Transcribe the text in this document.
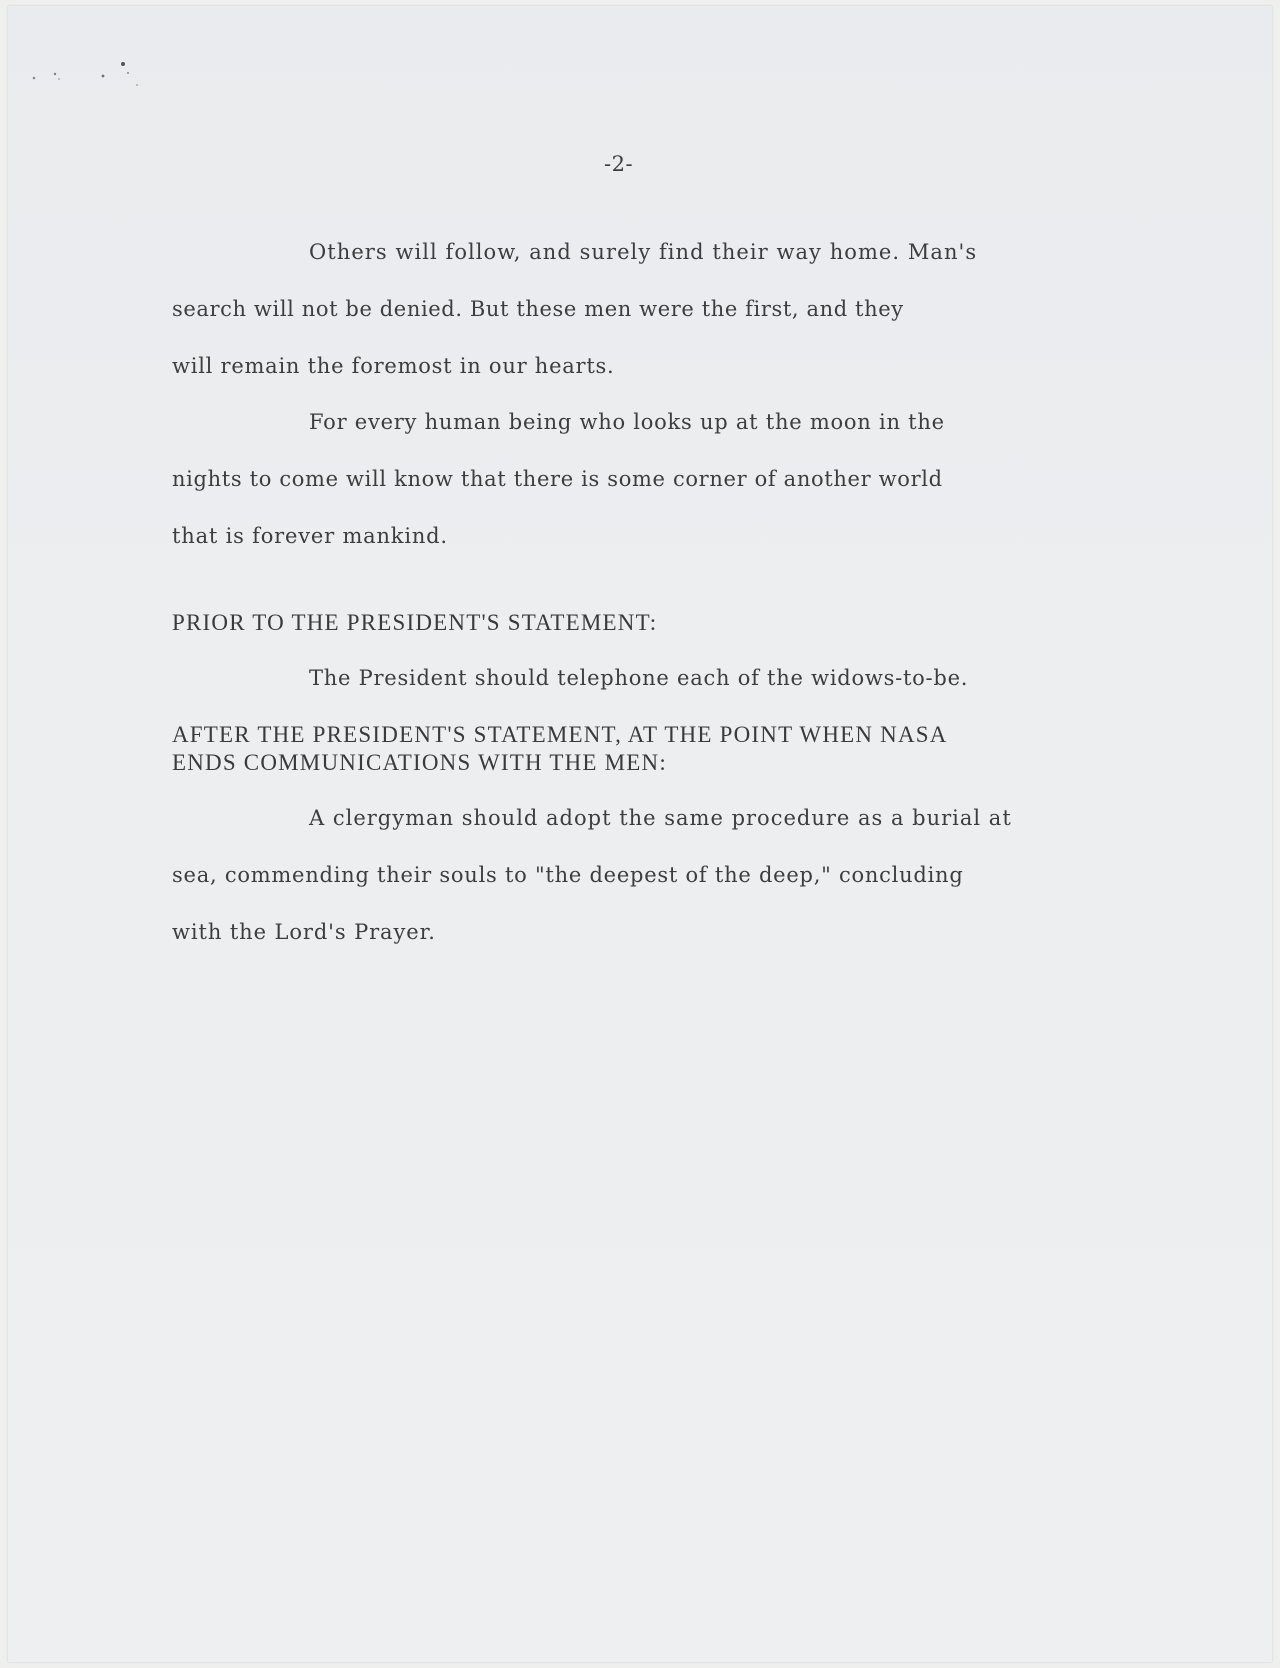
-2-
Others will follow, and surely find their way home. Man's
search will not be denied. But these men were the first, and they
will remain the foremost in our hearts.
For every human being who looks up at the moon in the
nights to come will know that there is some corner of another world
that is forever mankind.
PRIOR TO THE PRESIDENT'S STATEMENT:
The President should telephone each of the widows-to-be.
AFTER THE PRESIDENT'S STATEMENT, AT THE POINT WHEN NASA
ENDS COMMUNICATIONS WITH THE MEN:
A clergyman should adopt the same procedure as a burial at
sea, commending their souls to "the deepest of the deep," concluding
with the Lord's Prayer.
